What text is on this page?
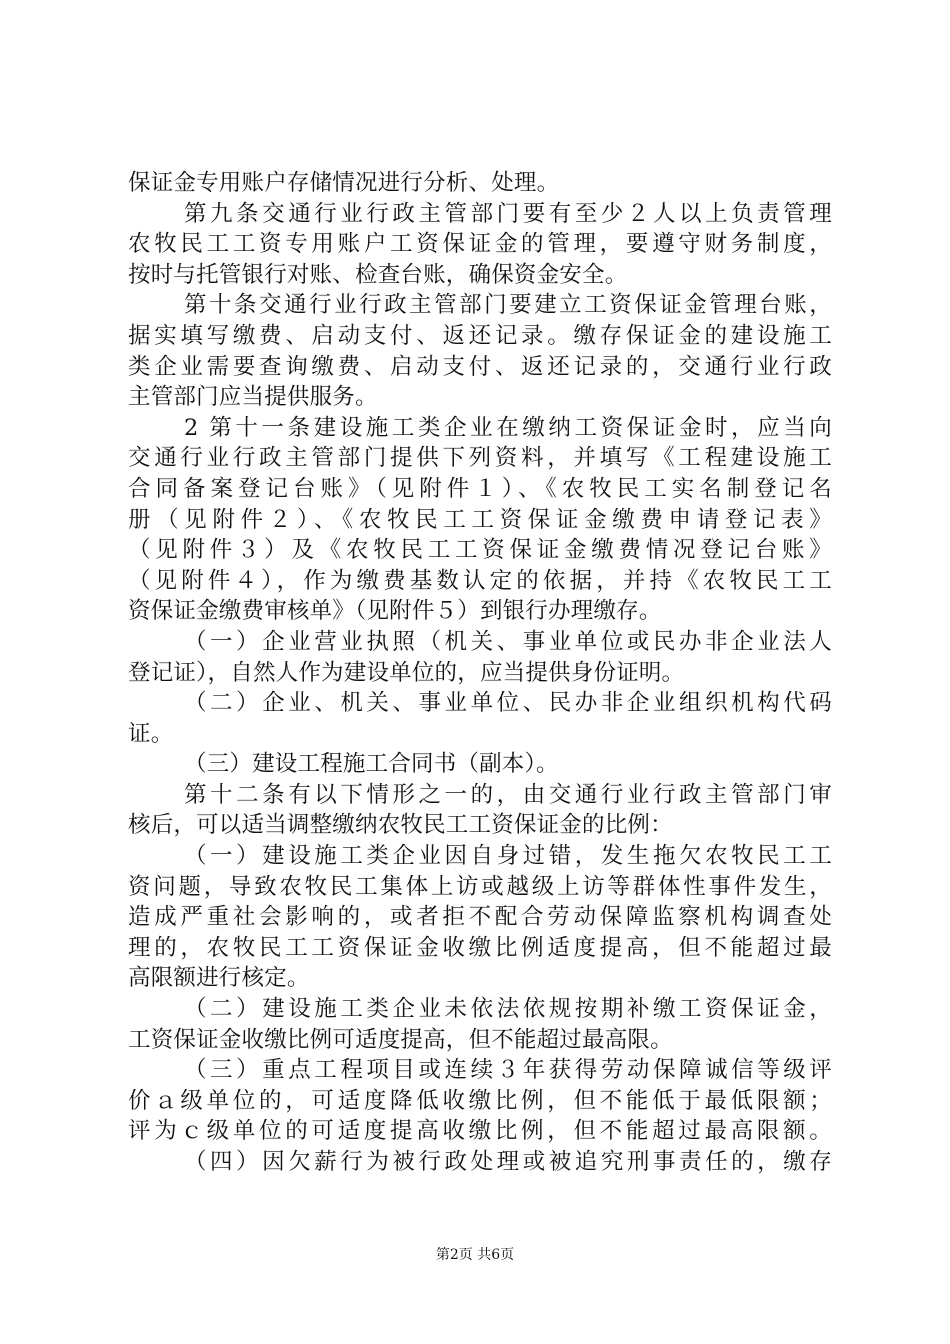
保证金专用账户存储情况进行分析、处理。
第九条交通行业行政主管部门要有至少２人以上负责管理
农牧民工工资专用账户工资保证金的管理，要遵守财务制度，
按时与托管银行对账、检查台账，确保资金安全。
第十条交通行业行政主管部门要建立工资保证金管理台账，
据实填写缴费、启动支付、返还记录。缴存保证金的建设施工
类企业需要查询缴费、启动支付、返还记录的，交通行业行政
主管部门应当提供服务。
2 第十一条建设施工类企业在缴纳工资保证金时，应当向
交通行业行政主管部门提供下列资料，并填写《工程建设施工
合同备案登记台账》（见附件１）、《农牧民工实名制登记名
册（见附件２）、《农牧民工工资保证金缴费申请登记表》
（见附件３）及《农牧民工工资保证金缴费情况登记台账》
（见附件４），作为缴费基数认定的依据，并持《农牧民工工
资保证金缴费审核单》（见附件５）到银行办理缴存。
（一）企业营业执照（机关、事业单位或民办非企业法人
登记证），自然人作为建设单位的，应当提供身份证明。
（二）企业、机关、事业单位、民办非企业组织机构代码
证。
（三）建设工程施工合同书（副本）。
第十二条有以下情形之一的，由交通行业行政主管部门审
核后，可以适当调整缴纳农牧民工工资保证金的比例：
（一）建设施工类企业因自身过错，发生拖欠农牧民工工
资问题，导致农牧民工集体上访或越级上访等群体性事件发生，
造成严重社会影响的，或者拒不配合劳动保障监察机构调查处
理的，农牧民工工资保证金收缴比例适度提高，但不能超过最
高限额进行核定。
（二）建设施工类企业未依法依规按期补缴工资保证金，
工资保证金收缴比例可适度提高，但不能超过最高限。
（三）重点工程项目或连续３年获得劳动保障诚信等级评
价ａ级单位的，可适度降低收缴比例，但不能低于最低限额；
评为ｃ级单位的可适度提高收缴比例，但不能超过最高限额。
（四）因欠薪行为被行政处理或被追究刑事责任的，缴存
第2页 共6页
